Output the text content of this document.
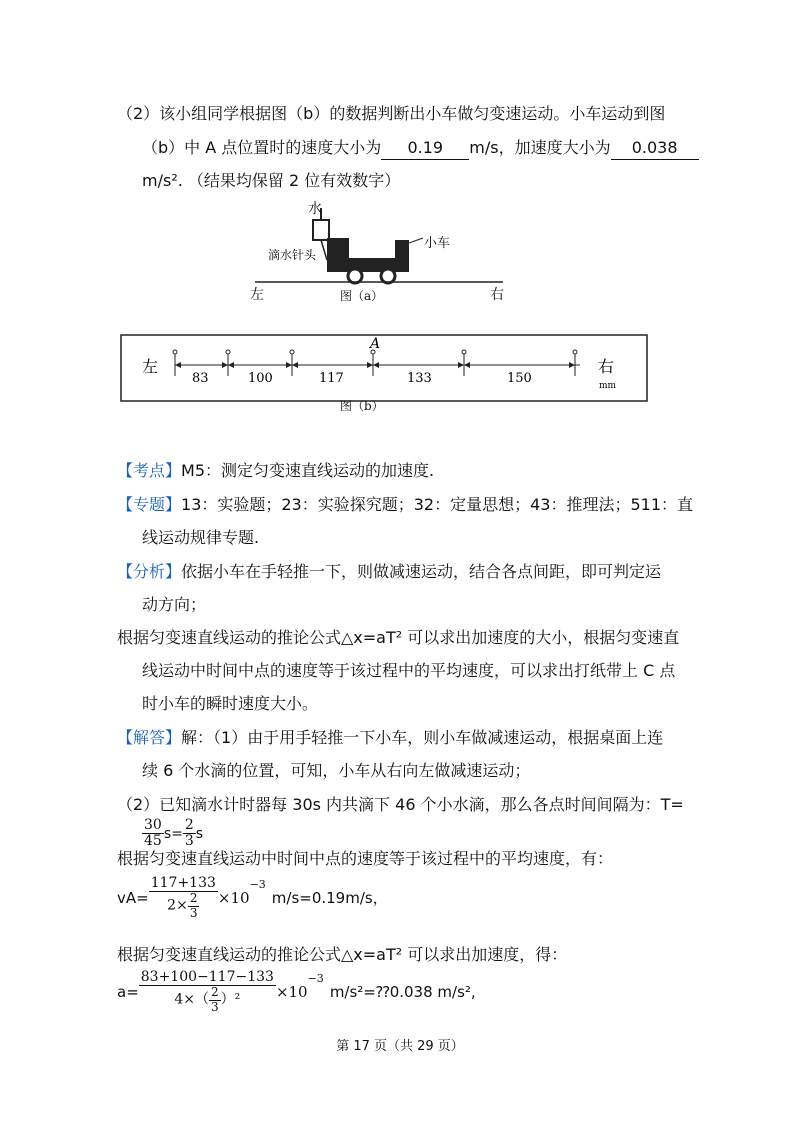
（2）该小组同学根据图（b）的数据判断出小车做匀变速运动。小车运动到图
（b）中 A 点位置时的速度大小为 0.19 m/s，加速度大小为 0.038
m/s². （结果均保留 2 位有效数字）
水
滴水针头
小车
左	右
图（a）
左	右
mm
A
83	100	117	133	150
图（b）
【考点】M5：测定匀变速直线运动的加速度.
【专题】13：实验题；23：实验探究题；32：定量思想；43：推理法；511：直
线运动规律专题.
【分析】依据小车在手轻推一下，则做减速运动，结合各点间距，即可判定运
动方向；
根据匀变速直线运动的推论公式△x=aT² 可以求出加速度的大小，根据匀变速直
线运动中时间中点的速度等于该过程中的平均速度，可以求出打纸带上 C 点
时小车的瞬时速度大小。
【解答】解：（1）由于用手轻推一下小车，则小车做减速运动，根据桌面上连
续 6 个水滴的位置，可知，小车从右向左做减速运动；
（2）已知滴水计时器每 30s 内共滴下 46 个小水滴，那么各点时间间隔为：T=
$\frac{30}{45} s= \frac{2}{3}$ s
根据匀变速直线运动中时间中点的速度等于该过程中的平均速度，有：
$vA= \frac{117+133}{2\times \frac{2}{3}} \times 10^{-3}m/s=0.19m/s$，
根据匀变速直线运动的推论公式△x=aT² 可以求出加速度，得：
$a= \frac{83+100-117-133}{4\times( \frac{2}{3} )^2}$ $\times 10^{-3}m/s^2=⁇0.038$ m/s²,
第 17 页（共 29 页）
